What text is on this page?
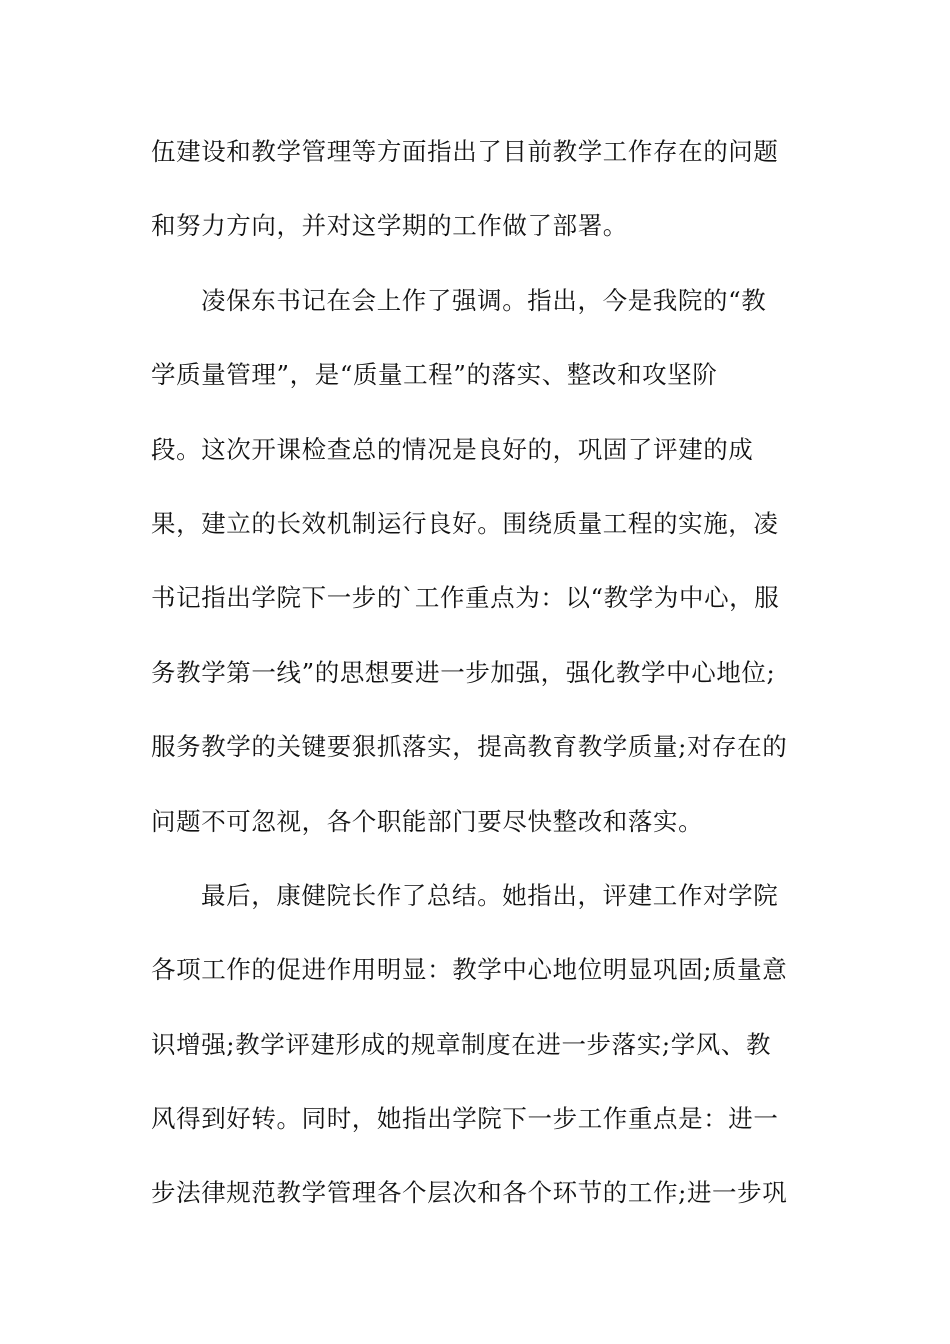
伍建设和教学管理等方面指出了目前教学工作存在的问题
和努力方向，并对这学期的工作做了部署。
凌保东书记在会上作了强调。指出，今是我院的“教
学质量管理”，是“质量工程”的落实、整改和攻坚阶
段。这次开课检查总的情况是良好的，巩固了评建的成
果，建立的长效机制运行良好。围绕质量工程的实施，凌
书记指出学院下一步的`工作重点为：以“教学为中心，服
务教学第一线”的思想要进一步加强，强化教学中心地位;
服务教学的关键要狠抓落实，提高教育教学质量;对存在的
问题不可忽视，各个职能部门要尽快整改和落实。
最后，康健院长作了总结。她指出，评建工作对学院
各项工作的促进作用明显：教学中心地位明显巩固;质量意
识增强;教学评建形成的规章制度在进一步落实;学风、教
风得到好转。同时，她指出学院下一步工作重点是：进一
步法律规范教学管理各个层次和各个环节的工作;进一步巩
